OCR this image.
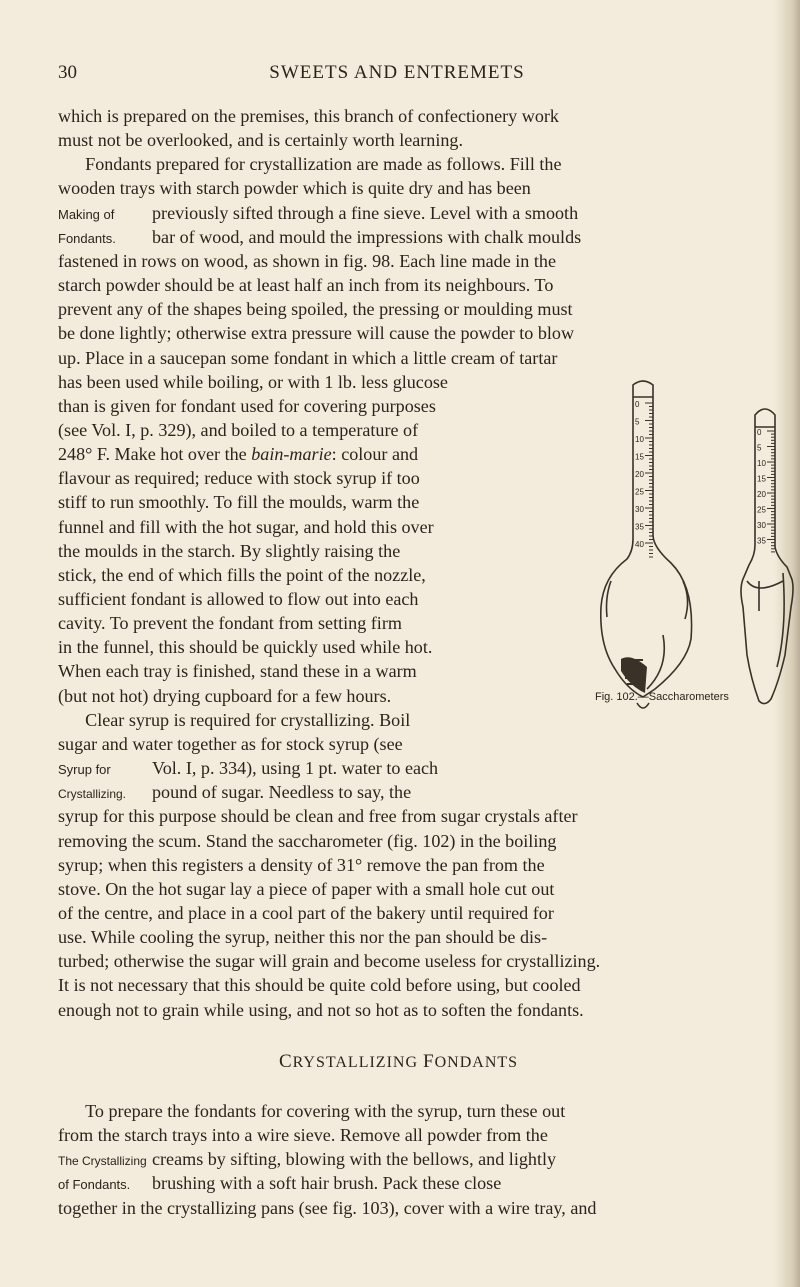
30	SWEETS AND ENTREMETS
which is prepared on the premises, this branch of confectionery work
must not be overlooked, and is certainly worth learning.
  Fondants prepared for crystallization are made as follows. Fill the
wooden trays with starch powder which is quite dry and has been
Making of previously sifted through a fine sieve. Level with a smooth
Fondants. bar of wood, and mould the impressions with chalk moulds
fastened in rows on wood, as shown in fig. 98. Each line made in the
starch powder should be at least half an inch from its neighbours. To
prevent any of the shapes being spoiled, the pressing or moulding must
be done lightly; otherwise extra pressure will cause the powder to blow
up. Place in a saucepan some fondant in which a little cream of tartar
has been used while boiling, or with 1 lb. less glucose
than is given for fondant used for covering purposes
(see Vol. I, p. 329), and boiled to a temperature of
248° F. Make hot over the bain-marie: colour and
flavour as required; reduce with stock syrup if too
stiff to run smoothly. To fill the moulds, warm the
funnel and fill with the hot sugar, and hold this over
the moulds in the starch. By slightly raising the
stick, the end of which fills the point of the nozzle,
sufficient fondant is allowed to flow out into each
cavity. To prevent the fondant from setting firm
in the funnel, this should be quickly used while hot.
When each tray is finished, stand these in a warm
(but not hot) drying cupboard for a few hours.
  Clear syrup is required for crystallizing. Boil
sugar and water together as for stock syrup (see
Syrup for Vol. I, p. 334), using 1 pt. water to each
Crystallizing. pound of sugar. Needless to say, the
syrup for this purpose should be clean and free from sugar crystals after
removing the scum. Stand the saccharometer (fig. 102) in the boiling
syrup; when this registers a density of 31° remove the pan from the
stove. On the hot sugar lay a piece of paper with a small hole cut out
of the centre, and place in a cool part of the bakery until required for
use. While cooling the syrup, neither this nor the pan should be dis-
turbed; otherwise the sugar will grain and become useless for crystallizing.
It is not necessary that this should be quite cold before using, but cooled
enough not to grain while using, and not so hot as to soften the fondants.
  To prepare the fondants for covering with the syrup, turn these out
from the starch trays into a wire sieve. Remove all powder from the
The Crystallizing creams by sifting, blowing with the bellows, and lightly
of Fondants. brushing with a soft hair brush. Pack these close
together in the crystallizing pans (see fig. 103), cover with a wire tray, and
CRYSTALLIZING FONDANTS
0
5
10
15
20
25
30
35
40
0
5
10
15
20
25
30
35
Fig. 102.—Saccharometers
